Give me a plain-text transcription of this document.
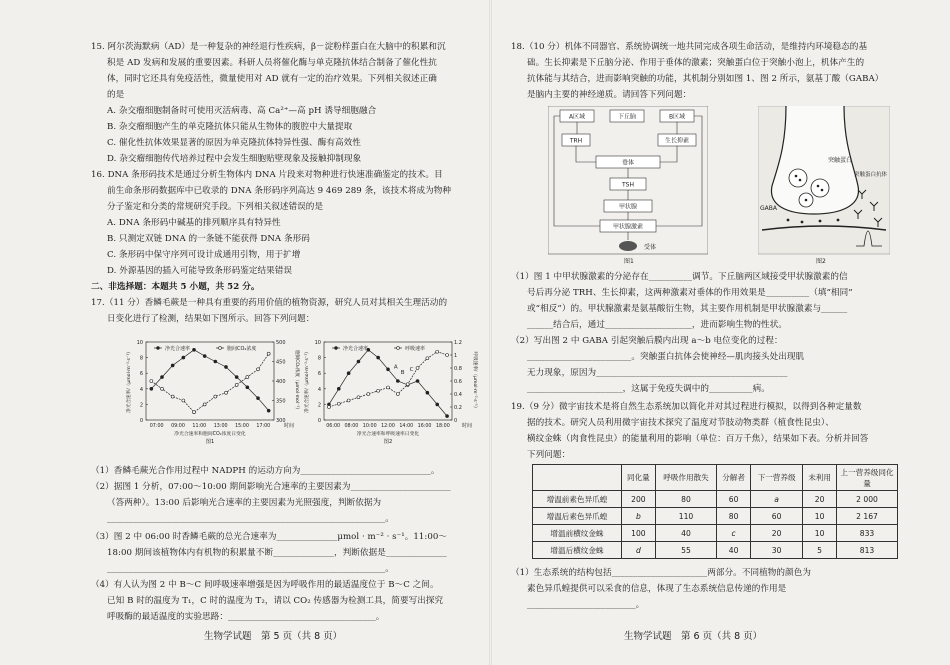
15. 阿尔茨海默病（AD）是一种复杂的神经退行性疾病，β－淀粉样蛋白在大脑中的积累和沉
积是 AD 发病和发展的重要因素。科研人员将催化酶与单克隆抗体结合制备了催化性抗
体，同时它还具有免疫活性，微量使用对 AD 就有一定的治疗效果。下列相关叙述正确
的是
A. 杂交瘤细胞制备时可使用灭活病毒、高 Ca²⁺—高 pH 诱导细胞融合
B. 杂交瘤细胞产生的单克隆抗体只能从生物体的腹腔中大量提取
C. 催化性抗体效果显著的原因为单克隆抗体特异性强、酶有高效性
D. 杂交瘤细胞传代培养过程中会发生细胞贴壁现象及接触抑制现象
16. DNA 条形码技术是通过分析生物体内 DNA 片段来对物种进行快速准确鉴定的技术。目
前生命条形码数据库中已收录的 DNA 条形码序列高达 9 469 289 条，该技术将成为物种
分子鉴定和分类的常规研究手段。下列相关叙述错误的是
A. DNA 条形码中碱基的排列顺序具有特异性
B. 只测定双链 DNA 的一条链不能获得 DNA 条形码
C. 条形码中保守序列可设计成通用引物，用于扩增
D. 外源基因的插入可能导致条形码鉴定结果错误
二、非选择题：本题共 5 小题，共 52 分。
17.（11 分）香鳞毛蕨是一种具有重要的药用价值的植物资源，研究人员对其相关生理活动的
日变化进行了检测，结果如下图所示。回答下列问题：
0
2
4
6
8
10
300
350
400
450
500
07:00 09:00 11:00 13:00 15:00 17:00	时间
净光合速率/（μmol·m⁻²·s⁻¹）	胞间CO₂浓度（μmol·mol⁻¹）
净光合速率	胞间CO₂浓度
净光合速率和胞间CO₂浓度日变化
图1
0
2
4
6
8
10
0
0.2
0.4
0.6
0.8
1
1.2
06:00 08:00 10:00 12:00 14:00 16:00 18:00 时间
净光合速率/（μmol·m⁻²·s⁻¹）	呼吸速率/（μmol·m⁻²·s⁻¹）
净光合速率	呼吸速率
A
B
C
净光合速率和呼吸速率日变化
图2
（1）香鳞毛蕨光合作用过程中 NADPH 的运动方向为______________________________。
（2）据图 1 分析，07:00～10:00 期间影响光合速率的主要因素为_______________________
（答两种）。13:00 后影响光合速率的主要因素为光照强度，判断依据为
________________________________________________________________。
（3）图 2 中 06:00 时香鳞毛蕨的总光合速率为______________μmol · m⁻² · s⁻¹。11:00～
18:00 期间该植物体内有机物的积累量不断______________，判断依据是______________
________________________________________________________________。
（4）有人认为图 2 中 B～C 间呼吸速率增强是因为呼吸作用的最适温度位于 B～C 之间。
已知 B 时的温度为 T₁，C 时的温度为 T₂，请以 CO₂ 传感器为检测工具，简要写出探究
呼吸酶的最适温度的实验思路：__________________________________。
生物学试题　第 5 页（共 8 页）
18.（10 分）机体不同器官、系统协调统一地共同完成各项生命活动，是维持内环境稳态的基
础。生长抑素是下丘脑分泌、作用于垂体的激素；突触蛋白位于突触小泡上，机体产生的
抗体能与其结合，进而影响突触的功能，其机制分别如图 1、图 2 所示，氨基丁酸（GABA）
是脑内主要的神经递质。请回答下列问题：
A区域	下丘脑	B区域
TRH	生长抑素
垂体
TSH
甲状腺
甲状腺激素
受体
图1
突触蛋白
突触蛋白抗体
GABA
图2
（1）图 1 中甲状腺激素的分泌存在__________调节。下丘脑两区域接受甲状腺激素的信
号后再分泌 TRH、生长抑素，这两种激素对垂体的作用效果是__________（填“相同”
或“相反”）的。甲状腺激素是氨基酸衍生物，其主要作用机制是甲状腺激素与______
______结合后，通过____________________，进而影响生物的性状。
（2）写出图 2 中 GABA 引起突触后膜内出现 a～b 电位变化的过程：
________________________。突触蛋白抗体会使神经—肌肉接头处出现肌
无力现象，原因为____________________________________________
______________________，这属于免疫失调中的__________病。
19.（9 分）微宇宙技术是将自然生态系统加以简化并对其过程进行模拟，以得到各种定量数
据的技术。研究人员利用微宇宙技术探究了温度对节肢动物类群（植食性昆虫）、
横纹金蛛（肉食性昆虫）的能量利用的影响（单位：百万千焦），结果如下表。分析并回答
下列问题：
	同化量	呼吸作用散失	分解者	下一营养级	未利用	上一营养级同化量
增温前素色异爪蝗	200	80	60	a	20	2 000
增温后素色异爪蝗	b	110	80	60	10	2 167
增温前横纹金蛛	100	40	c	20	10	833
增温后横纹金蛛	d	55	40	30	5	813
（1）生态系统的结构包括______________________两部分。不同植物的颜色为
素色异爪蝗提供可以采食的信息，体现了生态系统信息传递的作用是
_________________________。
生物学试题　第 6 页（共 8 页）
